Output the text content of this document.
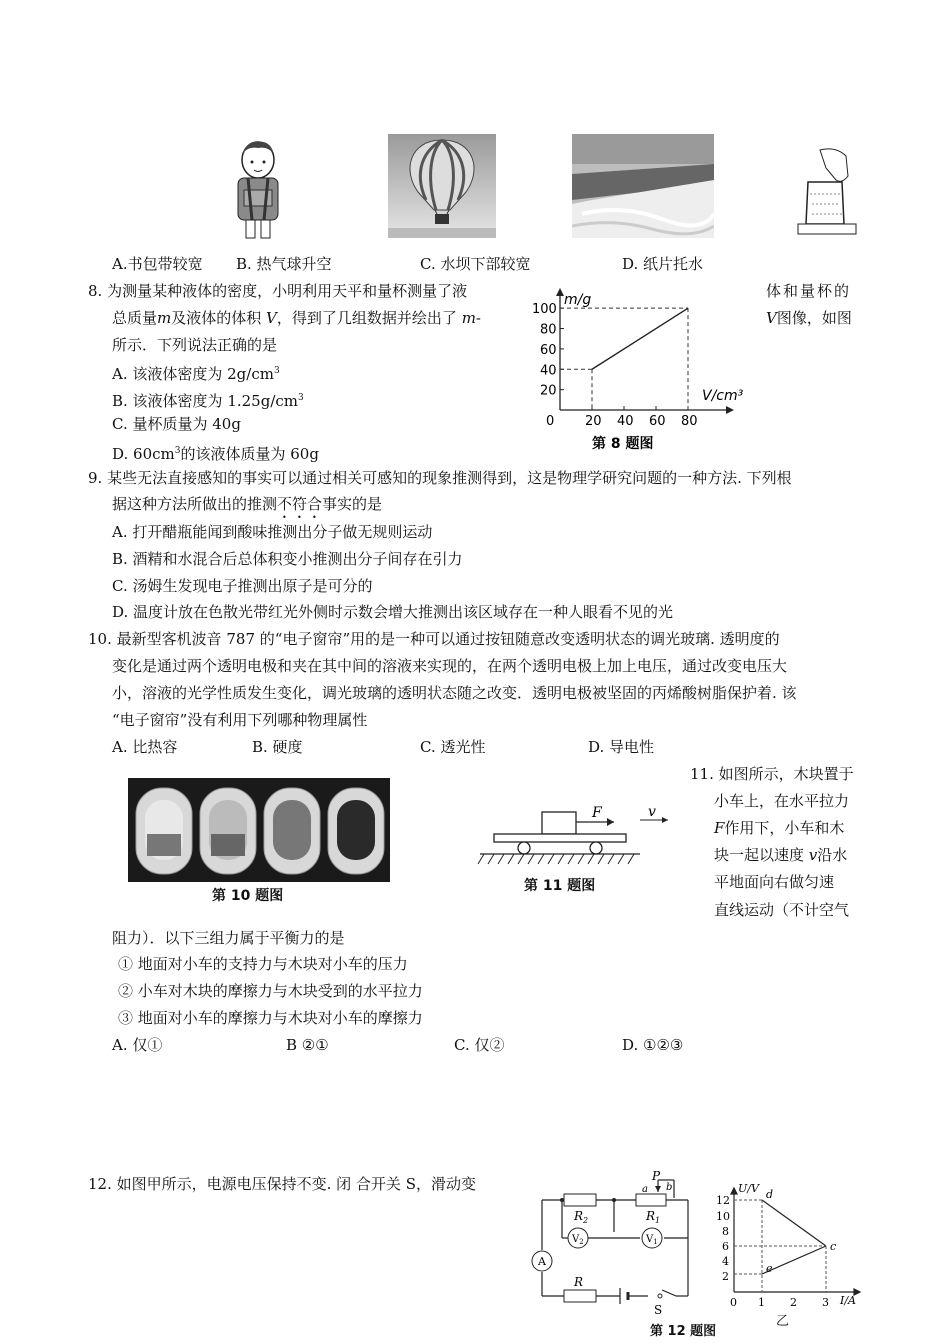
A.书包带较宽 B. 热气球升空	C. 水坝下部较宽	D. 纸片托水
8. 为测量某种液体的密度，小明利用天平和量杯测量了液	体和量杯的
总质量m及液体的体积 V，得到了几组数据并绘出了 m-	V图像，如图
所示．下列说法正确的是
A. 该液体密度为 $2g/cm^3$
B. 该液体密度为 $1.25g/cm^3$
C. 量杯质量为 40g
D. $60cm^3$的该液体质量为 60g
0 20 40 60 80
20
40
60
80
100
m/g
V/cm³
第 8 题图
9. 某些无法直接感知的事实可以通过相关可感知的现象推测得到，这是物理学研究问题的一种方法. 下列根
据这种方法所做出的推测不符合事实的是
A. 打开醋瓶能闻到酸味推测出分子做无规则运动
B. 酒精和水混合后总体积变小推测出分子间存在引力
C. 汤姆生发现电子推测出原子是可分的
D. 温度计放在色散光带红光外侧时示数会增大推测出该区域存在一种人眼看不见的光
10. 最新型客机波音 787 的“电子窗帘”用的是一种可以通过按钮随意改变透明状态的调光玻璃. 透明度的
变化是通过两个透明电极和夹在其中间的溶液来实现的，在两个透明电极上加上电压，通过改变电压大
小，溶液的光学性质发生变化，调光玻璃的透明状态随之改变．透明电极被坚固的丙烯酸树脂保护着. 该
“电子窗帘”没有利用下列哪种物理属性
A. 比热容	B. 硬度	C. 透光性	D. 导电性
第 10 题图
F	v
第 11 题图
11. 如图所示，木块置于
小车上，在水平拉力
F作用下，小车和木
块一起以速度 v沿水
平地面向右做匀速
直线运动（不计空气
阻力）．以下三组力属于平衡力的是
① 地面对小车的支持力与木块对小车的压力
② 小车对木块的摩擦力与木块受到的水平拉力
③ 地面对小车的摩擦力与木块对小车的摩擦力
A. 仅①	B ②①	C. 仅②	D. ①②③
12. 如图甲所示，电源电压保持不变. 闭 合开关 S，滑动变	P
a b
$R_2$	$R_1$
$V_2$	$V_1$
A
R
S
U/V
I/A
12
10
8
6
4
2
0 1 2 3
d
c
e
乙
第 12 题图
